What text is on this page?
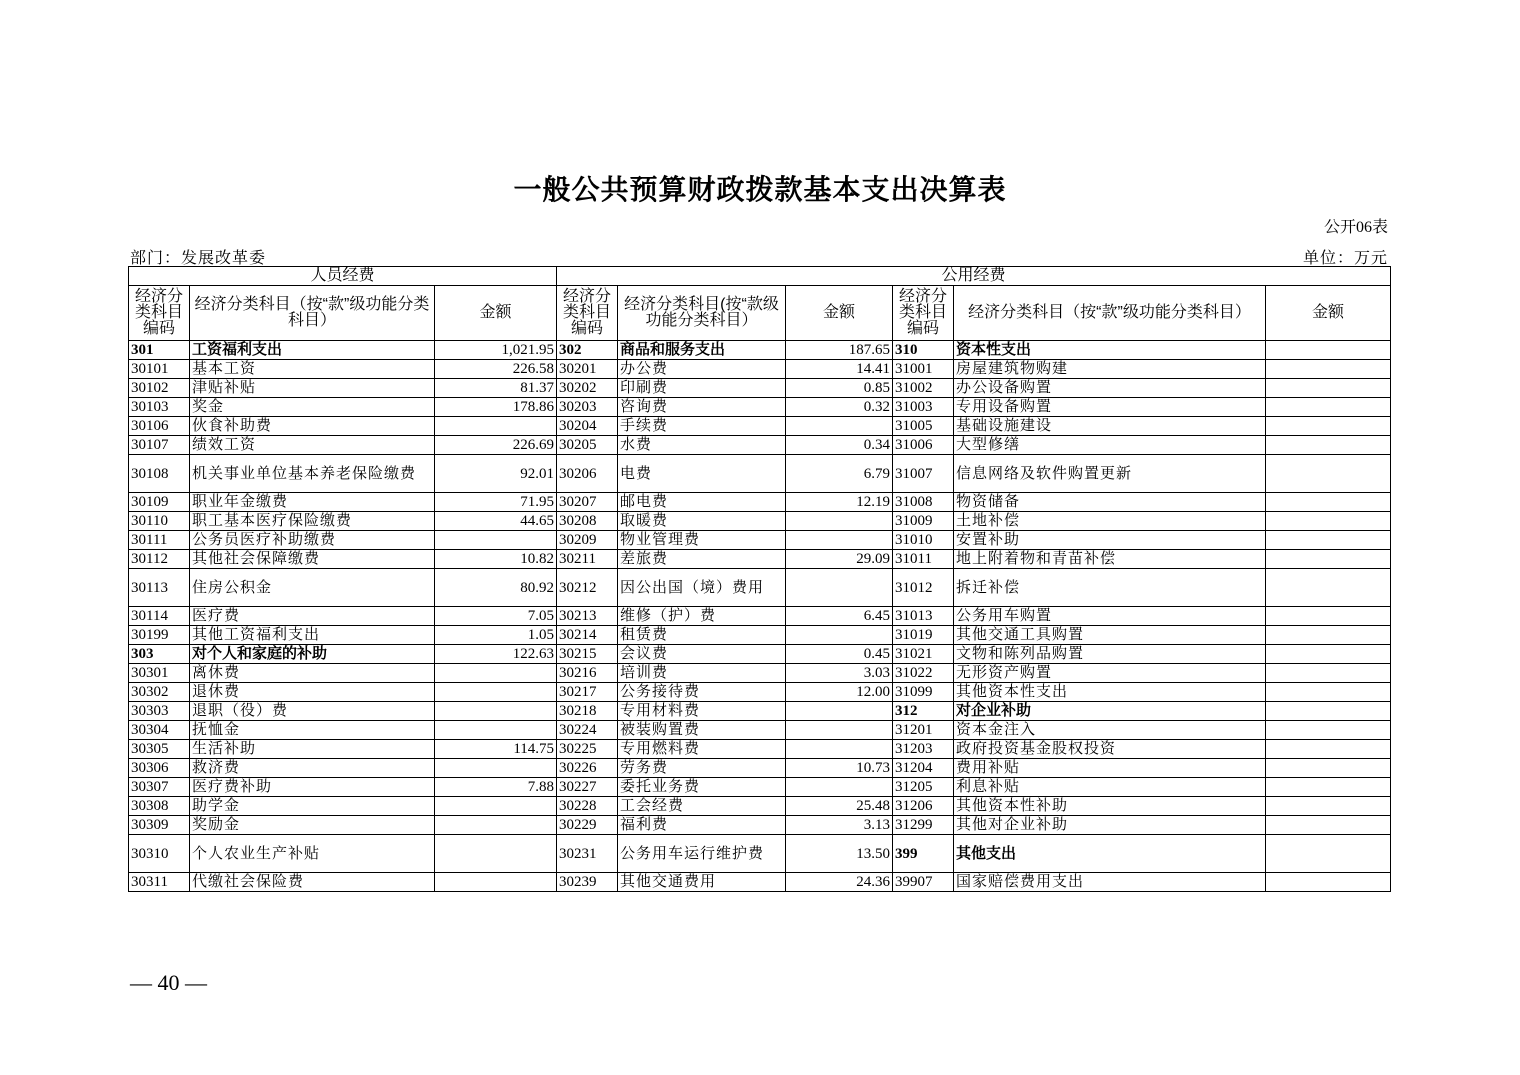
一般公共预算财政拨款基本支出决算表
公开06表
部门：发展改革委	单位：万元
人员经费			公用经费					
经济分类科目编码	经济分类科目（按“款”级功能分类科目）	金额	经济分类科目编码	经济分类科目(按“款级功能分类科目）	金额	经济分类科目编码	经济分类科目（按“款”级功能分类科目）	金额
301	工资福利支出	1,021.95	302	商品和服务支出	187.65	310	资本性支出	
30101	基本工资	226.58	30201	办公费	14.41	31001	房屋建筑物购建	
30102	津贴补贴	81.37	30202	印刷费	0.85	31002	办公设备购置	
30103	奖金	178.86	30203	咨询费	0.32	31003	专用设备购置	
30106	伙食补助费		30204	手续费		31005	基础设施建设	
30107	绩效工资	226.69	30205	水费	0.34	31006	大型修缮	
30108	机关事业单位基本养老保险缴费	92.01	30206	电费	6.79	31007	信息网络及软件购置更新	
30109	职业年金缴费	71.95	30207	邮电费	12.19	31008	物资储备	
30110	职工基本医疗保险缴费	44.65	30208	取暖费		31009	土地补偿	
30111	公务员医疗补助缴费		30209	物业管理费		31010	安置补助	
30112	其他社会保障缴费	10.82	30211	差旅费	29.09	31011	地上附着物和青苗补偿	
30113	住房公积金	80.92	30212	因公出国（境）费用		31012	拆迁补偿	
30114	医疗费	7.05	30213	维修（护）费	6.45	31013	公务用车购置	
30199	其他工资福利支出	1.05	30214	租赁费		31019	其他交通工具购置	
303	对个人和家庭的补助	122.63	30215	会议费	0.45	31021	文物和陈列品购置	
30301	离休费		30216	培训费	3.03	31022	无形资产购置	
30302	退休费		30217	公务接待费	12.00	31099	其他资本性支出	
30303	退职（役）费		30218	专用材料费		312	对企业补助	
30304	抚恤金		30224	被装购置费		31201	资本金注入	
30305	生活补助	114.75	30225	专用燃料费		31203	政府投资基金股权投资	
30306	救济费		30226	劳务费	10.73	31204	费用补贴	
30307	医疗费补助	7.88	30227	委托业务费		31205	利息补贴	
30308	助学金		30228	工会经费	25.48	31206	其他资本性补助	
30309	奖励金		30229	福利费	3.13	31299	其他对企业补助	
30310	个人农业生产补贴		30231	公务用车运行维护费	13.50	399	其他支出	
30311	代缴社会保险费		30239	其他交通费用	24.36	39907	国家赔偿费用支出	
— 40 —
